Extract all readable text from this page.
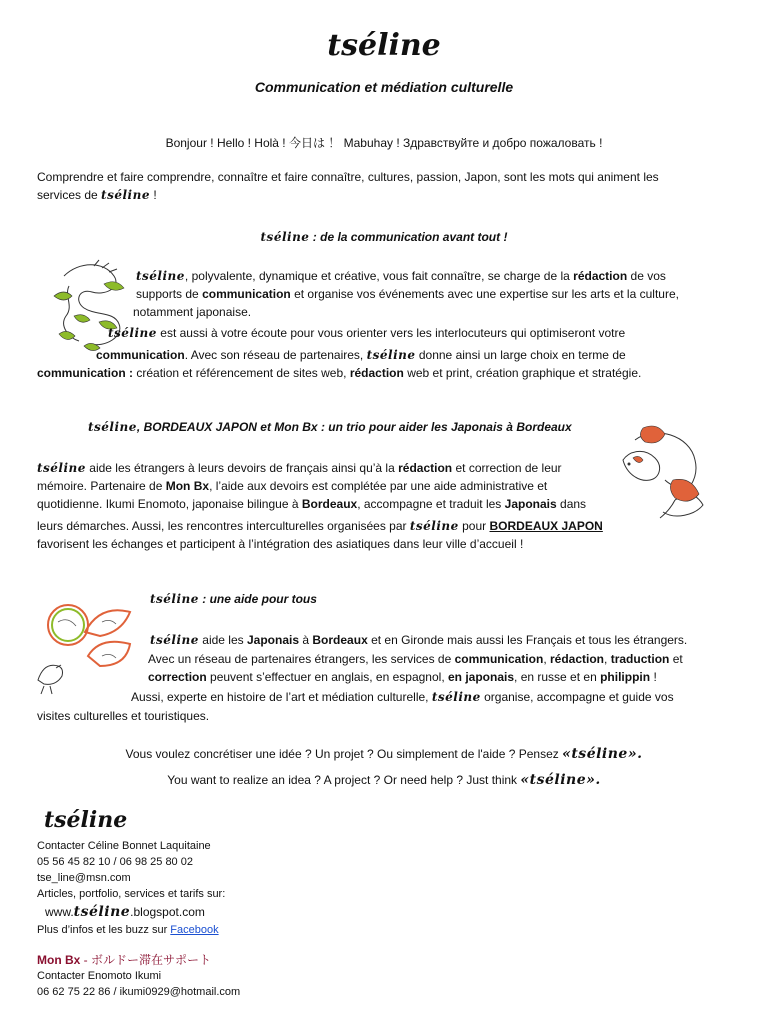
tséline
Communication et médiation culturelle
Bonjour ! Hello ! Holà ! 今日は ！ Mabuhay ! Здравствуйте и добро пожаловать !
Comprendre et faire comprendre, connaître et faire connaître, cultures, passion, Japon, sont les mots qui animent les
services de tséline !
tséline : de la communication avant tout !
tséline, polyvalente, dynamique et créative, vous fait connaître, se charge de la rédaction de vos
supports de communication et organise vos événements avec une expertise sur les arts et la culture,
notamment japonaise.
tséline est aussi à votre écoute pour vous orienter vers les interlocuteurs qui optimiseront votre
communication. Avec son réseau de partenaires, tséline donne ainsi un large choix en terme de
communication : création et référencement de sites web, rédaction web et print, création graphique et stratégie.
tséline, BORDEAUX JAPON et Mon Bx : un trio pour aider les Japonais à Bordeaux
tséline aide les étrangers à leurs devoirs de français ainsi qu’à la rédaction et correction de leur
mémoire. Partenaire de Mon Bx, l’aide aux devoirs est complétée par une aide administrative et
quotidienne. Ikumi Enomoto, japonaise bilingue à Bordeaux, accompagne et traduit les Japonais dans
leurs démarches. Aussi, les rencontres interculturelles organisées par tséline pour BORDEAUX JAPON
favorisent les échanges et participent à l’intégration des asiatiques dans leur ville d’accueil !
tséline : une aide pour tous
tséline aide les Japonais à Bordeaux et en Gironde mais aussi les Français et tous les étrangers.
Avec un réseau de partenaires étrangers, les services de communication, rédaction, traduction et
correction peuvent s’effectuer en anglais, en espagnol, en japonais, en russe et en philippin !
Aussi, experte en histoire de l’art et médiation culturelle, tséline organise, accompagne et guide vos
visites culturelles et touristiques.
Vous voulez concrétiser une idée ? Un projet ? Ou simplement de l'aide ? Pensez «tséline».
You want to realize an idea ? A project ? Or need help ? Just think «tséline».
tséline
Contacter Céline Bonnet Laquitaine
05 56 45 82 10 / 06 98 25 80 02
tse_line@msn.com
Articles, portfolio, services et tarifs sur:
www.tséline.blogspot.com
Plus d’infos et les buzz sur Facebook
Mon Bx - ボルドー滞在サポート
Contacter Enomoto Ikumi
06 62 75 22 86 / ikumi0929@hotmail.com
